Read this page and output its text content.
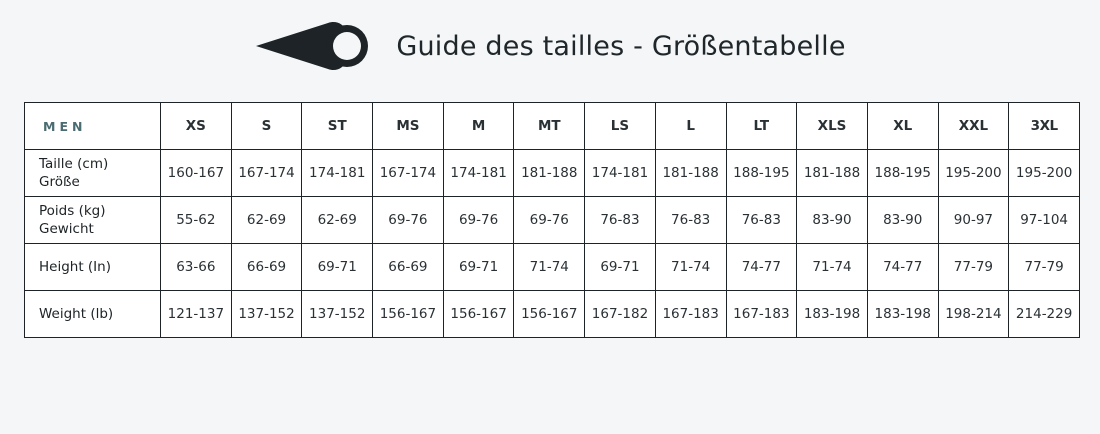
Guide des tailles - Größentabelle
MEN	XS	S	ST	MS	M	MT	LS	L	LT	XLS	XL	XXL	3XL
Taille (cm)
Größe	160-167	167-174	174-181	167-174	174-181	181-188	174-181	181-188	188-195	181-188	188-195	195-200	195-200
Poids (kg)
Gewicht	55-62	62-69	62-69	69-76	69-76	69-76	76-83	76-83	76-83	83-90	83-90	90-97	97-104
Height (In)	63-66	66-69	69-71	66-69	69-71	71-74	69-71	71-74	74-77	71-74	74-77	77-79	77-79
Weight (lb)	121-137	137-152	137-152	156-167	156-167	156-167	167-182	167-183	167-183	183-198	183-198	198-214	214-229
